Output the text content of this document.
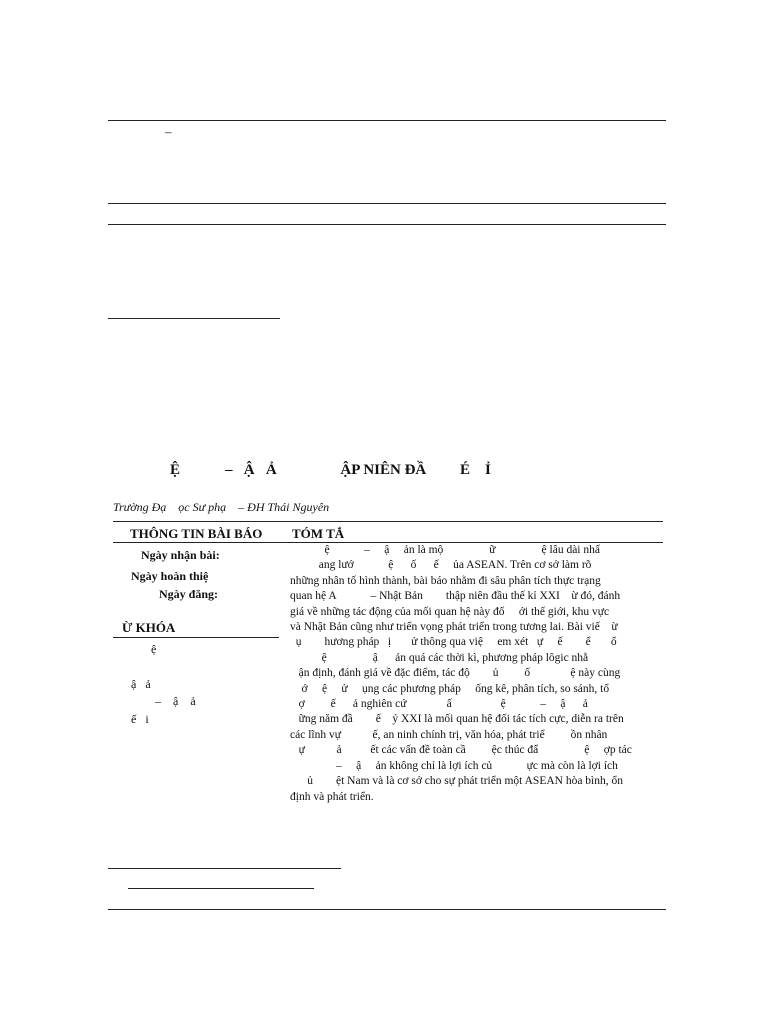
–
Ệ            –   Ậ   Ả                 ẬP NIÊN ĐẦ         É    Ỉ
Trường Đạ    ọc Sư phạ    – ĐH Thái Nguyên
THÔNG TIN BÀI BÁO TÓM TẮ
Ngày nhận bài:
Ngày hoàn thiệ
Ngày đăng:
Ừ KHÓA
ệ
ậ   ả
–    ậ    ả
ế   i

ệ            –     ậ     ản là mộ                ữ                ệ lâu dài nhấ
ang lướ            ệ      ố      ế     ủa ASEAN. Trên cơ sở làm rõ
những nhân tố hình thành, bài báo nhằm đi sâu phân tích thực trạng
quan hệ A            – Nhật Bản        thập niên đầu thế kỉ XXI    ừ đó, đánh
giá về những tác động của mối quan hệ này đố     ới thế giới, khu vực
và Nhật Bản cũng như triển vọng phát triển trong tương lai. Bài viế    ừ
ụ        hương pháp   ị       ử thông qua việ     em xét   ự     ế        ể       ổ
ệ                ậ      ản quá các thời kì, phương pháp lôgic nhằ
ận định, đánh giá về đặc điểm, tác độ        ủ         ố              ệ này cùng
ớ     ệ     ử     ụng các phương pháp     ống kê, phân tích, so sánh, tổ
ợ         ế      ả nghiên cứ              ấ                 ệ            –     ậ      ả
ững năm đầ        ế    ỷ XXI là mối quan hệ đối tác tích cực, diễn ra trên
các lĩnh vự           ế, an ninh chính trị, văn hóa, phát triể         ồn nhân
ự           ả          ết các vấn đề toàn cầ         ệc thúc đẩ                ệ     ợp tác
–     ậ     ản không chỉ là lợi ích củ            ực mà còn là lợi ích
ủ        ệt Nam và là cơ sở cho sự phát triển một ASEAN hòa bình, ổn
định và phát triển.
